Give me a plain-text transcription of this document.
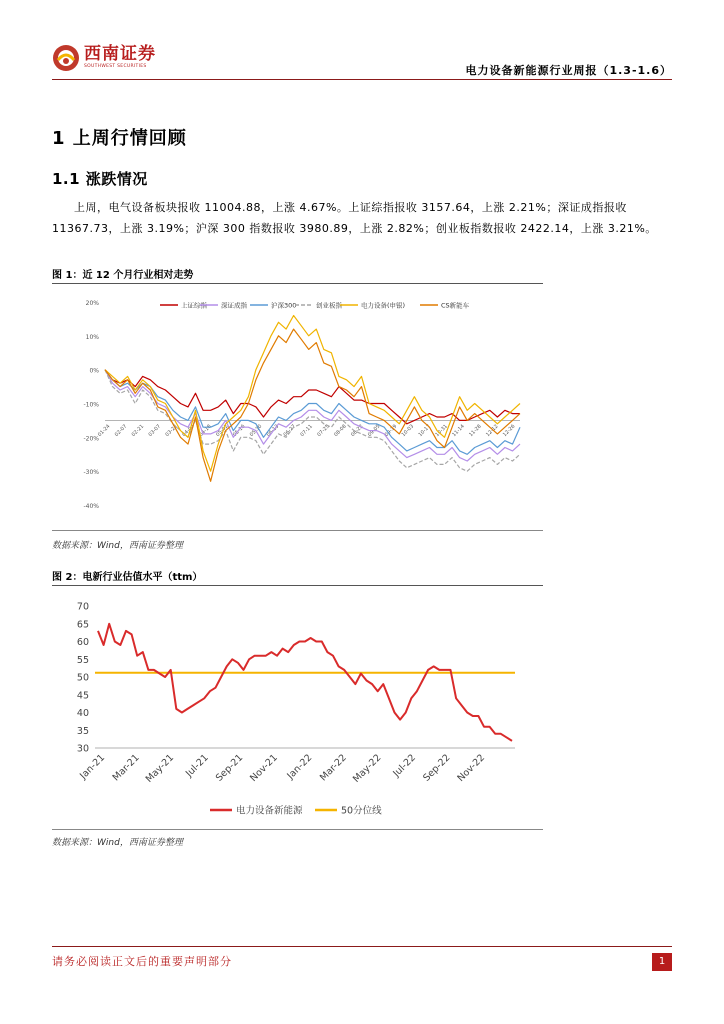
西南证券
SOUTHWEST SECURITIES	电力设备新能源行业周报（1.3-1.6）
1 上周行情回顾
1.1 涨跌情况
上周，电气设备板块报收 11004.88，上涨 4.67%。上证综指报收 3157.64，上涨 2.21%；深证成指报收 11367.73，上涨 3.19%；沪深 300 指数报收 3980.89，上涨 2.82%；创业板指数报收 2422.14，上涨 3.21%。
图 1：近 12 个月行业相对走势
20%
10%
0%
-10%
-20%
-30%
-40%
01-24 02-07 02-21 03-07 03-21 04-04 04-18 05-02 05-16 05-30 06-13 06-27 07-11 07-25 08-08 08-22 09-05 09-19 10-03 10-17 10-31 11-14 11-28 12-12 12-26
上证综指 深证成指	沪深300	创业板指	电力设备(申银)	CS新能车
数据来源：Wind，西南证券整理
图 2：电新行业估值水平（ttm）
30
35
40
45
50
55
60
65
70
Jan-21 Mar-21 May-21 Jul-21 Sep-21 Nov-21 Jan-22 Mar-22 May-22 Jul-22 Sep-22 Nov-22
电力设备新能源	50分位线
数据来源：Wind，西南证券整理
请务必阅读正文后的重要声明部分	1
